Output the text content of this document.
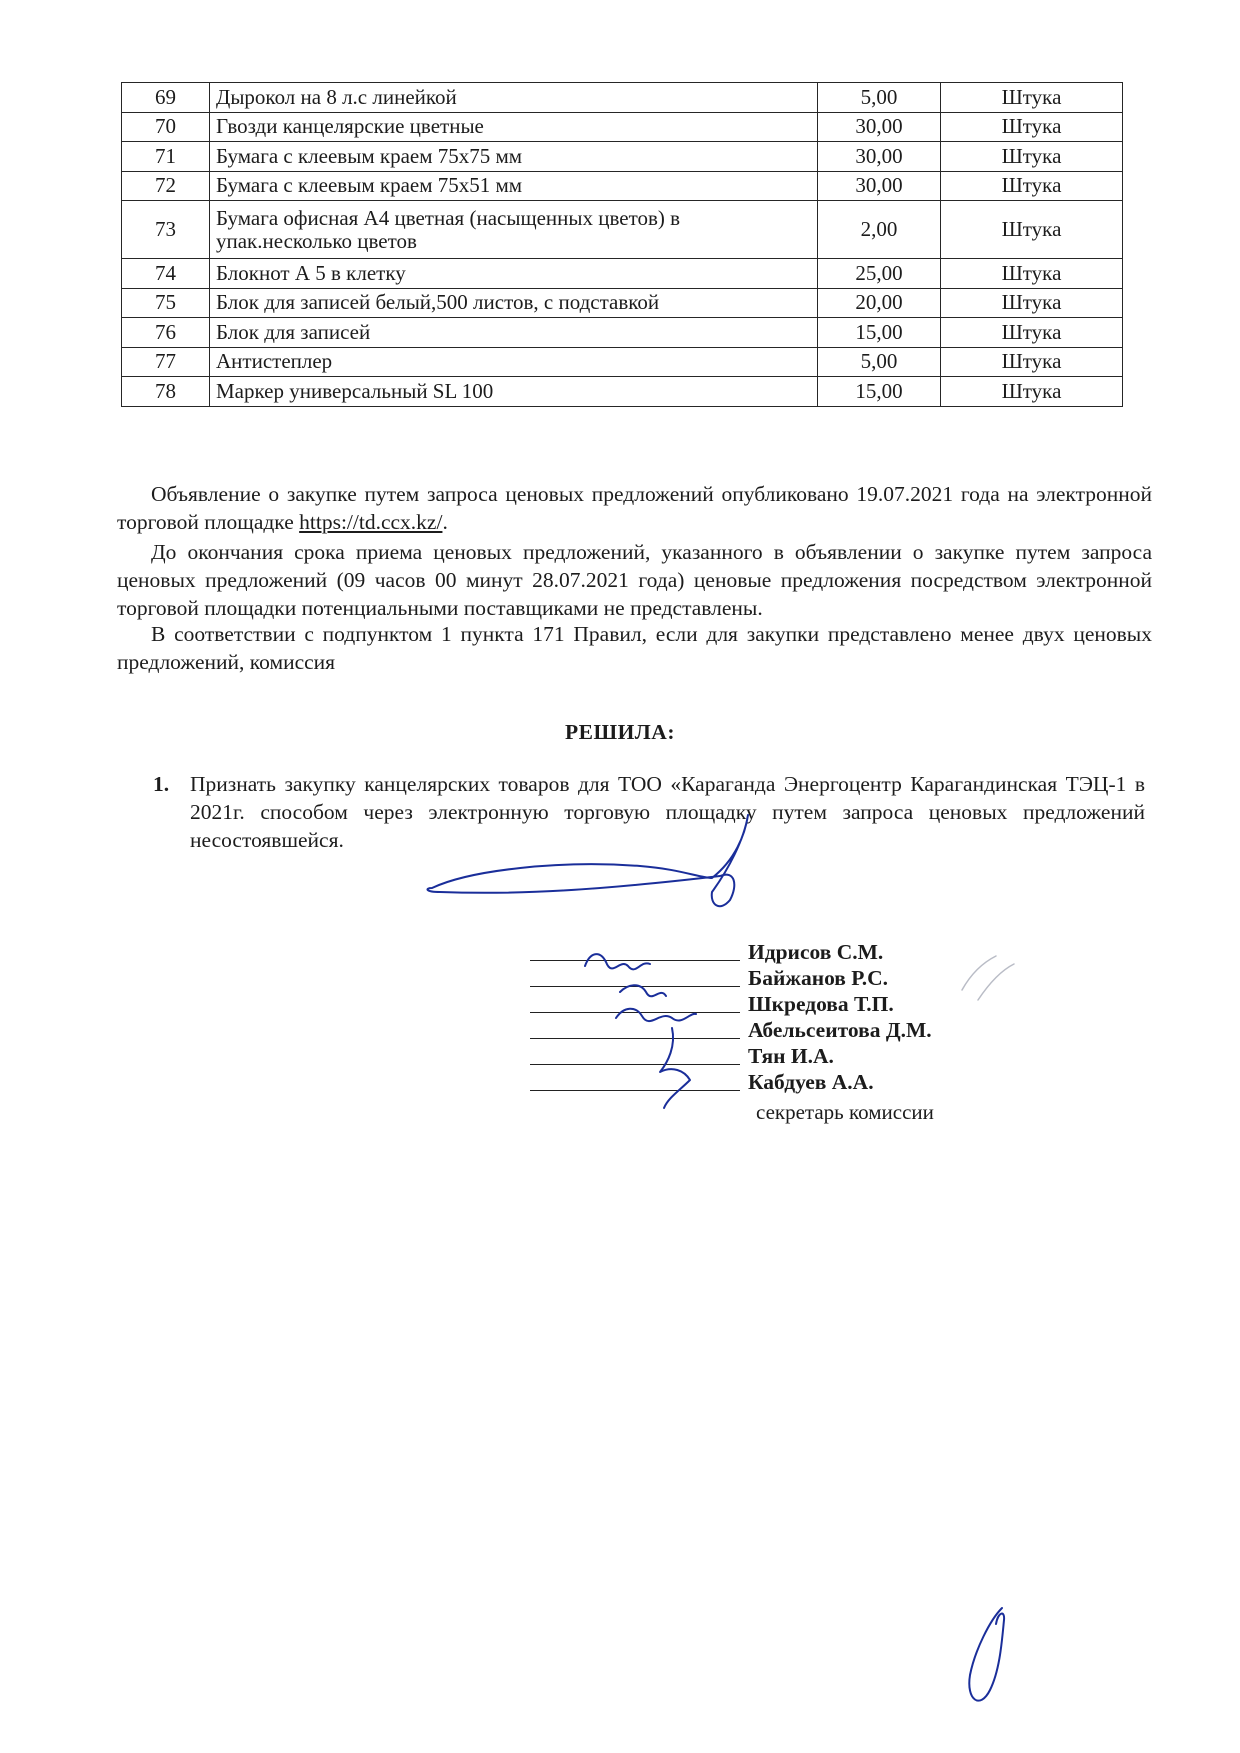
69	Дырокол на 8 л.с линейкой	5,00	Штука
70	Гвозди канцелярские цветные	30,00	Штука
71	Бумага с клеевым краем 75х75 мм	30,00	Штука
72	Бумага с клеевым краем 75х51 мм	30,00	Штука
73	Бумага офисная А4 цветная (насыщенных цветов) в упак.несколько цветов	2,00	Штука
74	Блокнот А 5 в клетку	25,00	Штука
75	Блок для записей белый,500 листов, с подставкой	20,00	Штука
76	Блок для записей	15,00	Штука
77	Антистеплер	5,00	Штука
78	Маркер универсальный SL 100	15,00	Штука

Объявление о закупке путем запроса ценовых предложений опубликовано 19.07.2021 года на электронной торговой площадке https://td.ccx.kz/.

До окончания срока приема ценовых предложений, указанного в объявлении о закупке путем запроса ценовых предложений (09 часов 00 минут 28.07.2021 года) ценовые предложения посредством электронной торговой площадки потенциальными поставщиками не представлены.

В соответствии с подпунктом 1 пункта 171 Правил, если для закупки представлено менее двух ценовых предложений, комиссия

РЕШИЛА:

1. Признать закупку канцелярских товаров для ТОО «Караганда Энергоцентр Карагандинская ТЭЦ-1 в 2021г. способом через электронную торговую площадку путем запроса ценовых предложений несостоявшейся.
Идрисов С.М.
Байжанов Р.С.
Шкредова Т.П.
Абельсеитова Д.М.
Тян И.А.
Кабдуев А.А.
секретарь комиссии
